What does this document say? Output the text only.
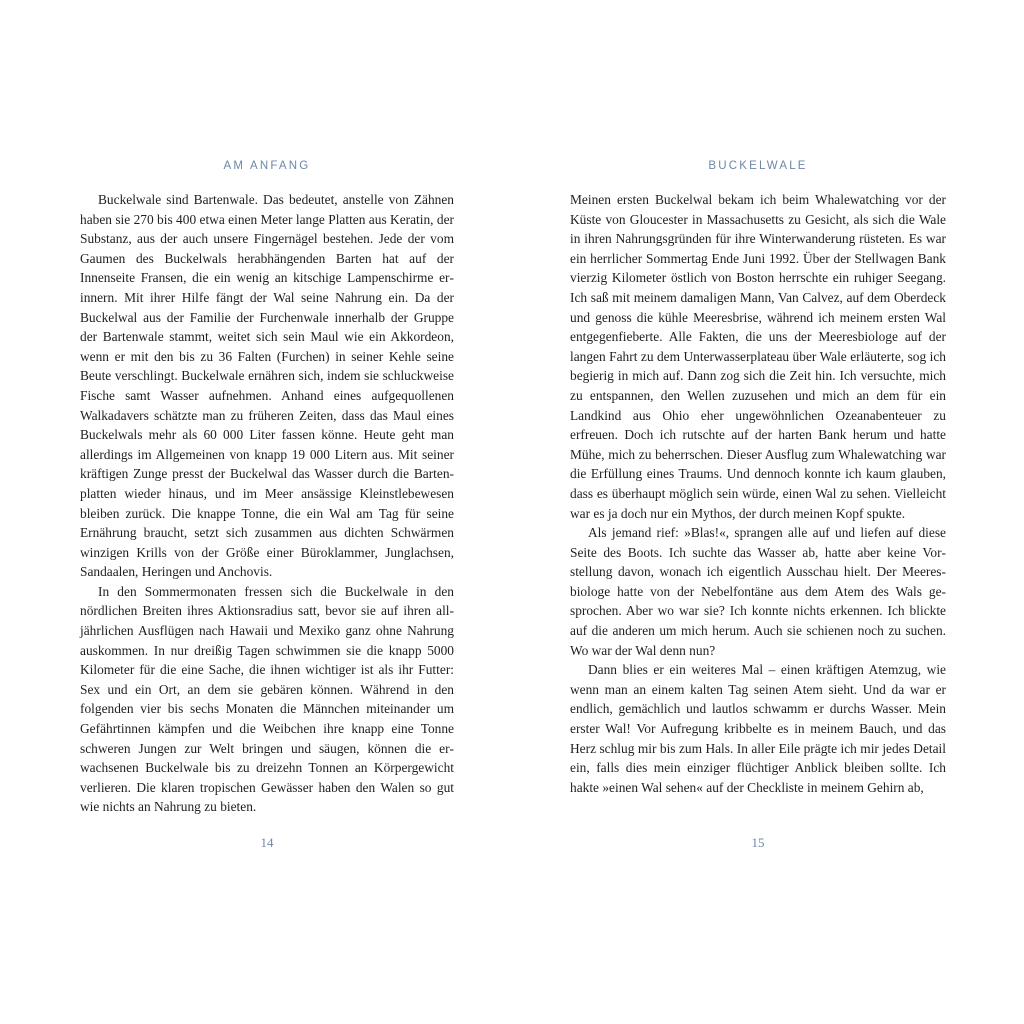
AM ANFANG

Buckelwale sind Bartenwale. Das bedeutet, anstelle von Zähnen haben sie 270 bis 400 etwa einen Meter lange Platten aus Keratin, der Substanz, aus der auch unsere Fingernägel bestehen. Jede der vom Gaumen des Buckelwals herabhängenden Barten hat auf der Innenseite Fransen, die ein wenig an kitschige Lampenschirme erinnern. Mit ihrer Hilfe fängt der Wal seine Nahrung ein. Da der Buckelwal aus der Familie der Furchenwale innerhalb der Gruppe der Bartenwale stammt, weitet sich sein Maul wie ein Akkordeon, wenn er mit den bis zu 36 Falten (Furchen) in seiner Kehle seine Beute verschlingt. Buckelwale ernähren sich, indem sie schluckweise Fische samt Wasser aufnehmen. Anhand eines aufgequollenen Walkadavers schätzte man zu früheren Zeiten, dass das Maul eines Buckelwals mehr als 60 000 Liter fassen könne. Heute geht man allerdings im Allgemeinen von knapp 19 000 Litern aus. Mit seiner kräftigen Zunge presst der Buckelwal das Wasser durch die Bartenplatten wieder hinaus, und im Meer ansässige Kleinstlebewesen bleiben zurück. Die knappe Tonne, die ein Wal am Tag für seine Ernährung braucht, setzt sich zusammen aus dichten Schwärmen winzigen Krills von der Größe einer Büroklammer, Junglachsen, Sandaalen, Heringen und Anchovis.

In den Sommermonaten fressen sich die Buckelwale in den nördlichen Breiten ihres Aktionsradius satt, bevor sie auf ihren alljährlichen Ausflügen nach Hawaii und Mexiko ganz ohne Nahrung auskommen. In nur dreißig Tagen schwimmen sie die knapp 5000 Kilometer für die eine Sache, die ihnen wichtiger ist als ihr Futter: Sex und ein Ort, an dem sie gebären können. Während in den folgenden vier bis sechs Monaten die Männchen miteinander um Gefährtinnen kämpfen und die Weibchen ihre knapp eine Tonne schweren Jungen zur Welt bringen und säugen, können die erwachsenen Buckelwale bis zu dreizehn Tonnen an Körpergewicht verlieren. Die klaren tropischen Gewässer haben den Walen so gut wie nichts an Nahrung zu bieten.

14
BUCKELWALE

Meinen ersten Buckelwal bekam ich beim Whalewatching vor der Küste von Gloucester in Massachusetts zu Gesicht, als sich die Wale in ihren Nahrungsgründen für ihre Winterwanderung rüsteten. Es war ein herrlicher Sommertag Ende Juni 1992. Über der Stellwagen Bank vierzig Kilometer östlich von Boston herrschte ein ruhiger Seegang. Ich saß mit meinem damaligen Mann, Van Calvez, auf dem Oberdeck und genoss die kühle Meeresbrise, während ich meinem ersten Wal entgegenfieberte. Alle Fakten, die uns der Meeresbiologe auf der langen Fahrt zu dem Unterwasserplateau über Wale erläuterte, sog ich begierig in mich auf. Dann zog sich die Zeit hin. Ich versuchte, mich zu entspannen, den Wellen zuzusehen und mich an dem für ein Landkind aus Ohio eher ungewöhnlichen Ozeanabenteuer zu erfreuen. Doch ich rutschte auf der harten Bank herum und hatte Mühe, mich zu beherrschen. Dieser Ausflug zum Whalewatching war die Erfüllung eines Traums. Und dennoch konnte ich kaum glauben, dass es überhaupt möglich sein würde, einen Wal zu sehen. Vielleicht war es ja doch nur ein Mythos, der durch meinen Kopf spukte.

Als jemand rief: »Blas!«, sprangen alle auf und liefen auf diese Seite des Boots. Ich suchte das Wasser ab, hatte aber keine Vorstellung davon, wonach ich eigentlich Ausschau hielt. Der Meeresbiologe hatte von der Nebelfontäne aus dem Atem des Wals gesprochen. Aber wo war sie? Ich konnte nichts erkennen. Ich blickte auf die anderen um mich herum. Auch sie schienen noch zu suchen. Wo war der Wal denn nun?

Dann blies er ein weiteres Mal – einen kräftigen Atemzug, wie wenn man an einem kalten Tag seinen Atem sieht. Und da war er endlich, gemächlich und lautlos schwamm er durchs Wasser. Mein erster Wal! Vor Aufregung kribbelte es in meinem Bauch, und das Herz schlug mir bis zum Hals. In aller Eile prägte ich mir jedes Detail ein, falls dies mein einziger flüchtiger Anblick bleiben sollte. Ich hakte »einen Wal sehen« auf der Checkliste in meinem Gehirn ab,

15
